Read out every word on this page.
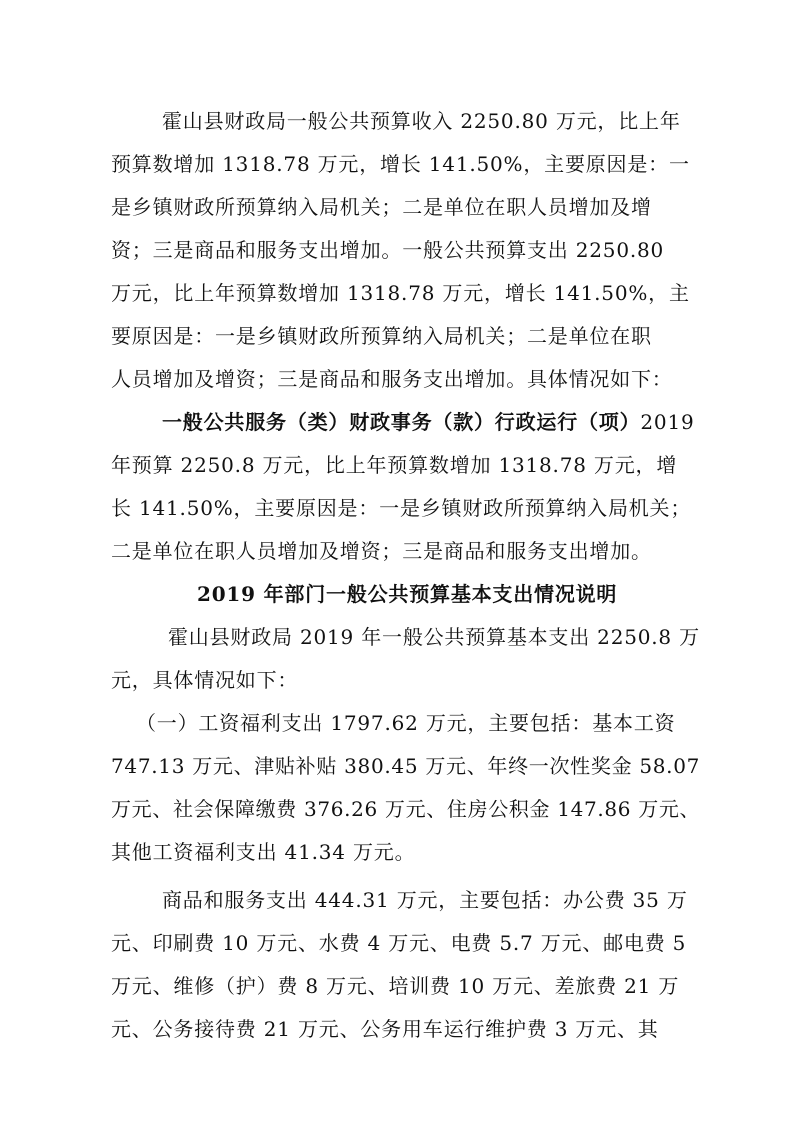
霍山县财政局一般公共预算收入 2250.80 万元，比上年
预算数增加 1318.78 万元，增长 141.50%，主要原因是：一
是乡镇财政所预算纳入局机关；二是单位在职人员增加及增
资；三是商品和服务支出增加。一般公共预算支出 2250.80
万元，比上年预算数增加 1318.78 万元，增长 141.50%，主
要原因是：一是乡镇财政所预算纳入局机关；二是单位在职
人员增加及增资；三是商品和服务支出增加。具体情况如下：
一般公共服务（类）财政事务（款）行政运行（项）2019
年预算 2250.8 万元，比上年预算数增加 1318.78 万元，增
长 141.50%，主要原因是：一是乡镇财政所预算纳入局机关；
二是单位在职人员增加及增资；三是商品和服务支出增加。
2019 年部门一般公共预算基本支出情况说明
霍山县财政局 2019 年一般公共预算基本支出 2250.8 万
元，具体情况如下：
（一）工资福利支出 1797.62 万元，主要包括：基本工资
747.13 万元、津贴补贴 380.45 万元、年终一次性奖金 58.07
万元、社会保障缴费 376.26 万元、住房公积金 147.86 万元、
其他工资福利支出 41.34 万元。
商品和服务支出 444.31 万元，主要包括：办公费 35 万
元、印刷费 10 万元、水费 4 万元、电费 5.7 万元、邮电费 5
万元、维修（护）费 8 万元、培训费 10 万元、差旅费 21 万
元、公务接待费 21 万元、公务用车运行维护费 3 万元、其
